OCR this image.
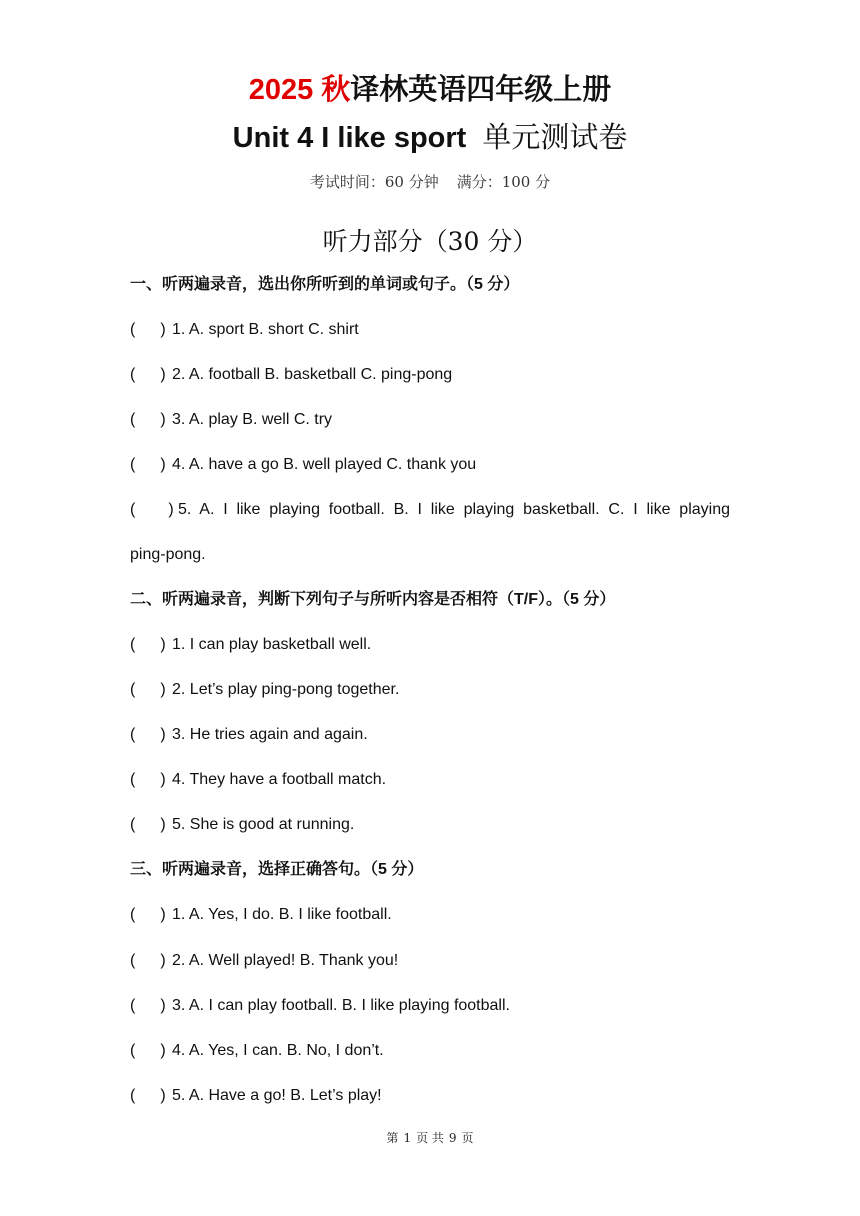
2025 秋译林英语四年级上册
Unit 4 I like sport 单元测试卷
考试时间：60 分钟 满分：100 分
听力部分（30 分）
一、听两遍录音，选出你所听到的单词或句子。（5 分）
( ) 1. A. sport B. short C. shirt
( ) 2. A. football B. basketball C. ping-pong
( ) 3. A. play B. well C. try
( ) 4. A. have a go B. well played C. thank you
( ) 5. A. I like playing football. B. I like playing basketball. C. I like playing
ping-pong.
二、听两遍录音，判断下列句子与所听内容是否相符（T/F）。（5 分）
( ) 1. I can play basketball well.
( ) 2. Let’s play ping-pong together.
( ) 3. He tries again and again.
( ) 4. They have a football match.
( ) 5. She is good at running.
三、听两遍录音，选择正确答句。（5 分）
( ) 1. A. Yes, I do. B. I like football.
( ) 2. A. Well played! B. Thank you!
( ) 3. A. I can play football. B. I like playing football.
( ) 4. A. Yes, I can. B. No, I don’t.
( ) 5. A. Have a go! B. Let’s play!
第 1 页 共 9 页
